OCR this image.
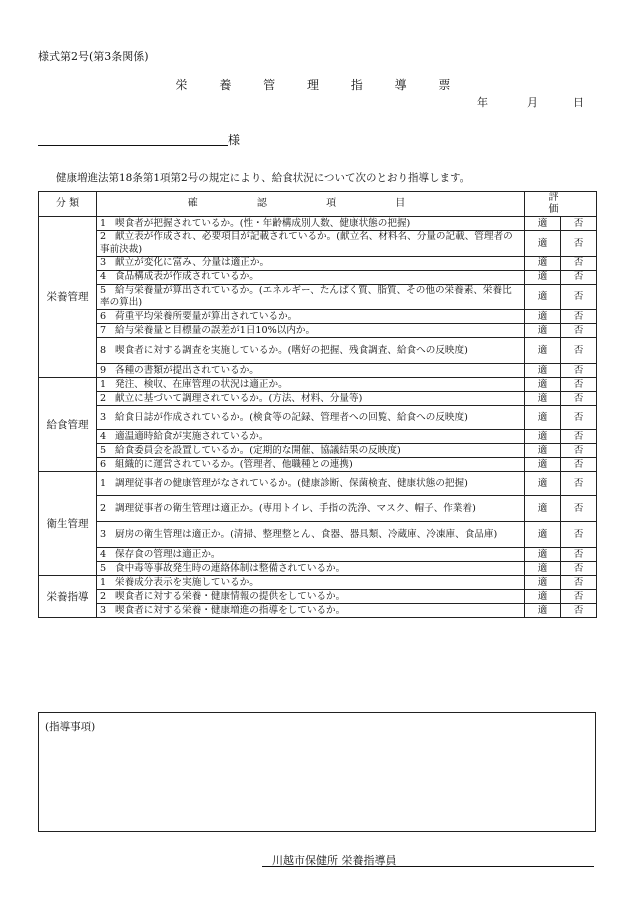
様式第2号(第3条関係)
栄 養 管 理 指 導 票
年	月	日
様
健康増進法第18条第1項第2号の規定により、給食状況について次のとおり指導します。
分 類	確 認 項 目	評 価	
栄養管理	1 喫食者が把握されているか。(性・年齢構成別人数、健康状態の把握)	適	否
	2 献立表が作成され、必要項目が記載されているか。(献立名、材料名、分量の記載、管理者の事前決裁)	適	否
	3 献立が変化に富み、分量は適正か。	適	否
	4 食品構成表が作成されているか。	適	否
	5 給与栄養量が算出されているか。(エネルギー、たんぱく質、脂質、その他の栄養素、栄養比率の算出)	適	否
	6 荷重平均栄養所要量が算出されているか。	適	否
	7 給与栄養量と目標量の誤差が1日10%以内か。	適	否
	8 喫食者に対する調査を実施しているか。(嗜好の把握、残食調査、給食への反映度)	適	否
	9 各種の書類が提出されているか。	適	否
給食管理	1 発注、検収、在庫管理の状況は適正か。	適	否
	2 献立に基づいて調理されているか。(方法、材料、分量等)	適	否
	3 給食日誌が作成されているか。(検食等の記録、管理者への回覧、給食への反映度)	適	否
	4 適温適時給食が実施されているか。	適	否
	5 給食委員会を設置しているか。(定期的な開催、協議結果の反映度)	適	否
	6 組織的に運営されているか。(管理者、他職種との連携)	適	否
衛生管理	1 調理従事者の健康管理がなされているか。(健康診断、保菌検査、健康状態の把握)	適	否
	2 調理従事者の衛生管理は適正か。(専用トイレ、手指の洗浄、マスク、帽子、作業着)	適	否
	3 厨房の衛生管理は適正か。(清掃、整理整とん、食器、器具類、冷蔵庫、冷凍庫、食品庫)	適	否
	4 保存食の管理は適正か。	適	否
	5 食中毒等事故発生時の連絡体制は整備されているか。	適	否
栄養指導	1 栄養成分表示を実施しているか。	適	否
	2 喫食者に対する栄養・健康情報の提供をしているか。	適	否
	3 喫食者に対する栄養・健康増進の指導をしているか。	適	否
(指導事項)
川越市保健所 栄養指導員
